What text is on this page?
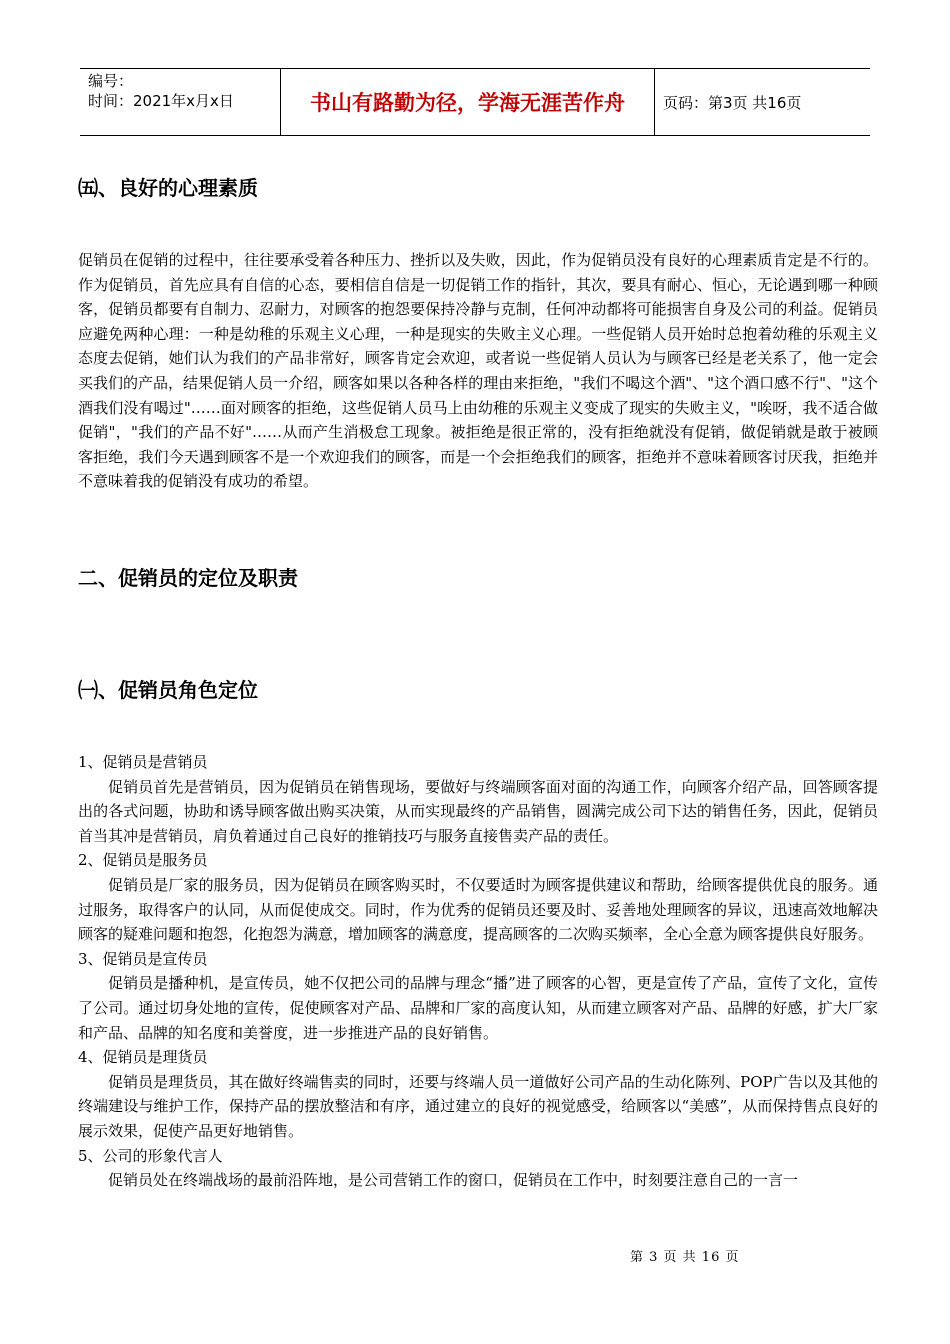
编号：
时间：2021年x月x日	书山有路勤为径，学海无涯苦作舟	页码：第3页 共16页
㈤、良好的心理素质
促销员在促销的过程中，往往要承受着各种压力、挫折以及失败，因此，作为促销员没有良好的心理素质肯定是不行的。作为促销员，首先应具有自信的心态，要相信自信是一切促销工作的指针，其次，要具有耐心、恒心，无论遇到哪一种顾客，促销员都要有自制力、忍耐力，对顾客的抱怨要保持冷静与克制，任何冲动都将可能损害自身及公司的利益。促销员应避免两种心理：一种是幼稚的乐观主义心理，一种是现实的失败主义心理。一些促销人员开始时总抱着幼稚的乐观主义态度去促销，她们认为我们的产品非常好，顾客肯定会欢迎，或者说一些促销人员认为与顾客已经是老关系了，他一定会买我们的产品，结果促销人员一介绍，顾客如果以各种各样的理由来拒绝，"我们不喝这个酒"、"这个酒口感不行"、"这个酒我们没有喝过"……面对顾客的拒绝，这些促销人员马上由幼稚的乐观主义变成了现实的失败主义，"唉呀，我不适合做促销"，"我们的产品不好"……从而产生消极怠工现象。被拒绝是很正常的，没有拒绝就没有促销，做促销就是敢于被顾客拒绝，我们今天遇到顾客不是一个欢迎我们的顾客，而是一个会拒绝我们的顾客，拒绝并不意味着顾客讨厌我，拒绝并不意味着我的促销没有成功的希望。
二、促销员的定位及职责
㈠、促销员角色定位
1、促销员是营销员
促销员首先是营销员，因为促销员在销售现场，要做好与终端顾客面对面的沟通工作，向顾客介绍产品，回答顾客提出的各式问题，协助和诱导顾客做出购买决策，从而实现最终的产品销售，圆满完成公司下达的销售任务，因此，促销员首当其冲是营销员，肩负着通过自己良好的推销技巧与服务直接售卖产品的责任。
2、促销员是服务员
促销员是厂家的服务员，因为促销员在顾客购买时，不仅要适时为顾客提供建议和帮助，给顾客提供优良的服务。通过服务，取得客户的认同，从而促使成交。同时，作为优秀的促销员还要及时、妥善地处理顾客的异议，迅速高效地解决顾客的疑难问题和抱怨，化抱怨为满意，增加顾客的满意度，提高顾客的二次购买频率，全心全意为顾客提供良好服务。
3、促销员是宣传员
促销员是播种机，是宣传员，她不仅把公司的品牌与理念“播”进了顾客的心智，更是宣传了产品，宣传了文化，宣传了公司。通过切身处地的宣传，促使顾客对产品、品牌和厂家的高度认知，从而建立顾客对产品、品牌的好感，扩大厂家和产品、品牌的知名度和美誉度，进一步推进产品的良好销售。
4、促销员是理货员
促销员是理货员，其在做好终端售卖的同时，还要与终端人员一道做好公司产品的生动化陈列、POP广告以及其他的终端建设与维护工作，保持产品的摆放整洁和有序，通过建立的良好的视觉感受，给顾客以“美感”，从而保持售点良好的展示效果，促使产品更好地销售。
5、公司的形象代言人
促销员处在终端战场的最前沿阵地，是公司营销工作的窗口，促销员在工作中，时刻要注意自己的一言一
第 3 页 共 16 页
